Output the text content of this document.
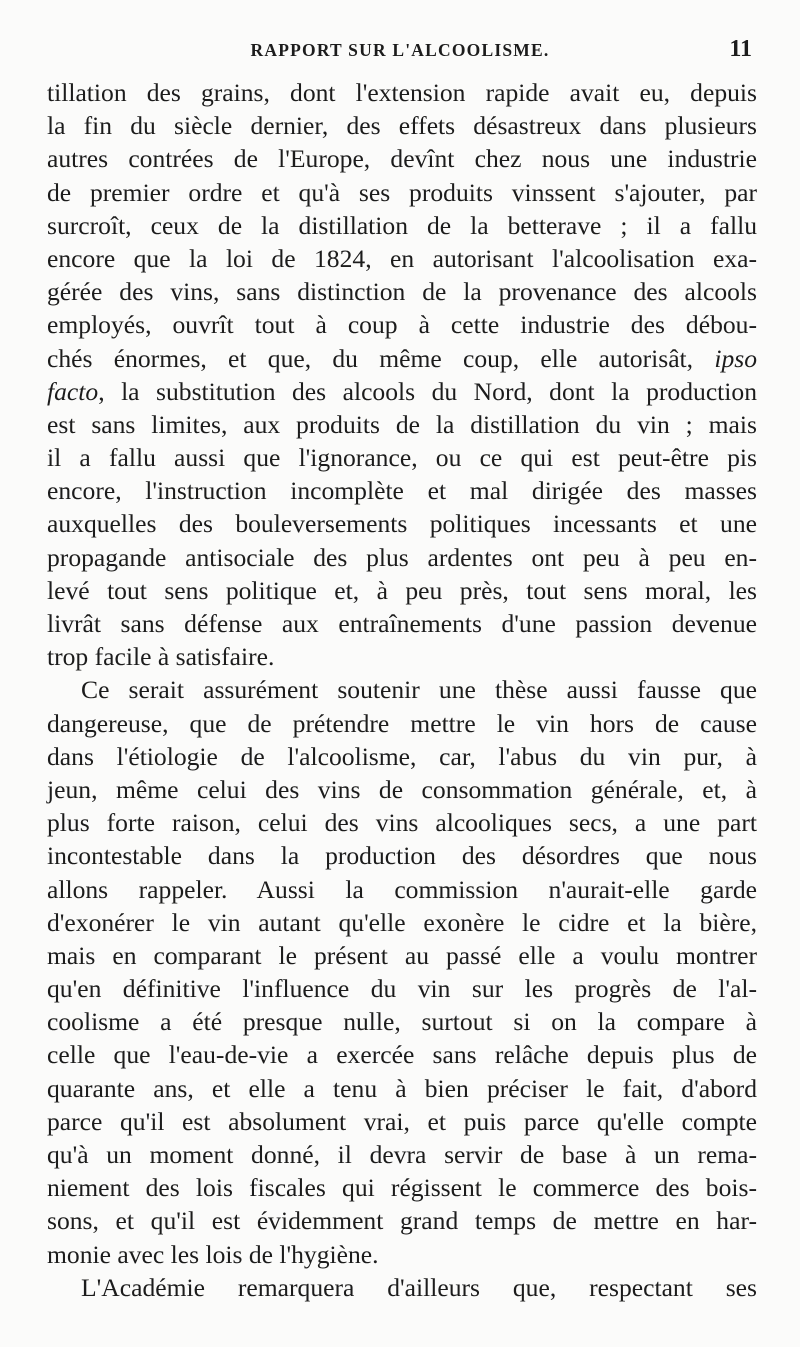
RAPPORT SUR L'ALCOOLISME.	11
tillation des grains, dont l'extension rapide avait eu, depuis
la fin du siècle dernier, des effets désastreux dans plusieurs
autres contrées de l'Europe, devînt chez nous une industrie
de premier ordre et qu'à ses produits vinssent s'ajouter, par
surcroît, ceux de la distillation de la betterave ; il a fallu
encore que la loi de 1824, en autorisant l'alcoolisation exa-
gérée des vins, sans distinction de la provenance des alcools
employés, ouvrît tout à coup à cette industrie des débou-
chés énormes, et que, du même coup, elle autorisât, ipso
facto, la substitution des alcools du Nord, dont la production
est sans limites, aux produits de la distillation du vin ; mais
il a fallu aussi que l'ignorance, ou ce qui est peut-être pis
encore, l'instruction incomplète et mal dirigée des masses
auxquelles des bouleversements politiques incessants et une
propagande antisociale des plus ardentes ont peu à peu en-
levé tout sens politique et, à peu près, tout sens moral, les
livrât sans défense aux entraînements d'une passion devenue
trop facile à satisfaire.
Ce serait assurément soutenir une thèse aussi fausse que
dangereuse, que de prétendre mettre le vin hors de cause
dans l'étiologie de l'alcoolisme, car, l'abus du vin pur, à
jeun, même celui des vins de consommation générale, et, à
plus forte raison, celui des vins alcooliques secs, a une part
incontestable dans la production des désordres que nous
allons rappeler. Aussi la commission n'aurait-elle garde
d'exonérer le vin autant qu'elle exonère le cidre et la bière,
mais en comparant le présent au passé elle a voulu montrer
qu'en définitive l'influence du vin sur les progrès de l'al-
coolisme a été presque nulle, surtout si on la compare à
celle que l'eau-de-vie a exercée sans relâche depuis plus de
quarante ans, et elle a tenu à bien préciser le fait, d'abord
parce qu'il est absolument vrai, et puis parce qu'elle compte
qu'à un moment donné, il devra servir de base à un rema-
niement des lois fiscales qui régissent le commerce des bois-
sons, et qu'il est évidemment grand temps de mettre en har-
monie avec les lois de l'hygiène.
L'Académie remarquera d'ailleurs que, respectant ses
